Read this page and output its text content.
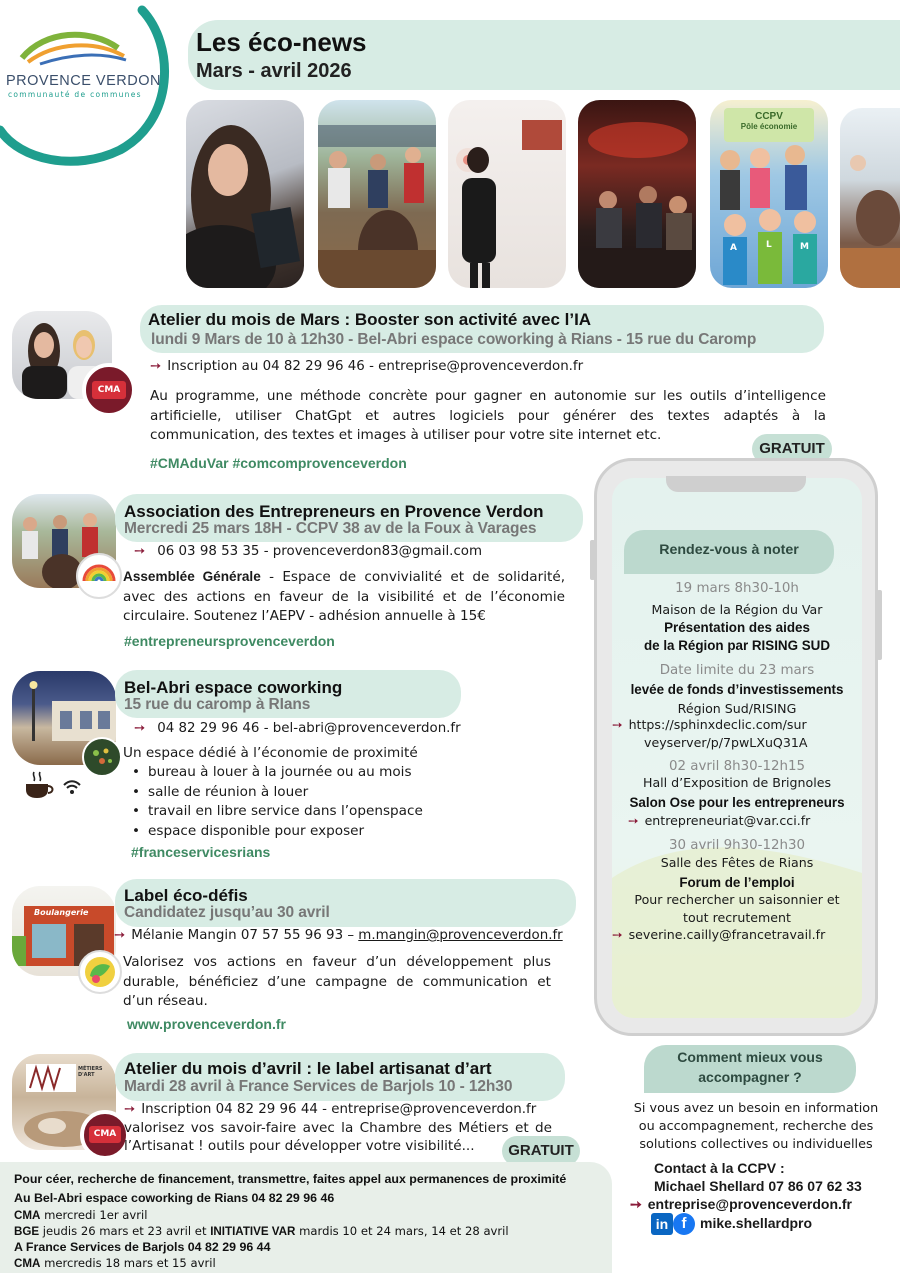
PROVENCE VERDON
communauté de communes
Les éco-news
Mars - avril 2026
CCPV
Pôle économie
A	L	M
CMA
Atelier du mois de Mars : Booster son activité avec l’IA
lundi 9 Mars de 10 à 12h30 - Bel-Abri espace coworking à Rians - 15 rue du Caromp
➙ Inscription au 04 82 29 96 46 - entreprise@provenceverdon.fr
Au programme, une méthode concrète pour gagner en autonomie sur les outils d’intelligence artificielle, utiliser ChatGpt et autres logiciels pour générer des textes adaptés à la communication, des textes et images à utiliser pour votre site internet etc.
#CMAduVar #comcomprovenceverdon
GRATUIT
Association des Entrepreneurs en Provence Verdon
Mercredi 25 mars 18H - CCPV 38 av de la Foux à Varages
➙ 06 03 98 53 35 - provenceverdon83@gmail.com
Assemblée Générale - Espace de convivialité et de solidarité, avec des actions en faveur de la visibilité et de l’économie circulaire. Soutenez l’AEPV - adhésion annuelle à 15€
#entrepreneursprovenceverdon
Bel-Abri espace coworking
15 rue du caromp à RIans
➙ 04 82 29 96 46 - bel-abri@provenceverdon.fr
Un espace dédié à l’économie de proximité
• bureau à louer à la journée ou au mois
• salle de réunion à louer
• travail en libre service dans l’openspace
• espace disponible pour exposer
#franceservicesrians
Boulangerie
Label éco-défis
Candidatez jusqu’au 30 avril
➙ Mélanie Mangin 07 57 55 96 93 – m.mangin@provenceverdon.fr
Valorisez vos actions en faveur d’un développement plus durable, bénéficiez d’une campagne de communication et d’un réseau.
www.provenceverdon.fr
MÉTIERS D'ART
CMA
Atelier du mois d’avril : le label artisanat d’art
Mardi 28 avril à France Services de Barjols 10 - 12h30
➙ Inscription 04 82 29 96 44 - entreprise@provenceverdon.fr
valorisez vos savoir-faire avec la Chambre des Métiers et de l’Artisanat ! outils pour développer votre visibilité...	GRATUIT
Rendez-vous à noter
19 mars 8h30-10h
Maison de la Région du Var
Présentation des aides
de la Région par RISING SUD
Date limite du 23 mars
levée de fonds d’investissements
Région Sud/RISING
➙ https://sphinxdeclic.com/sur
veyserver/p/7pwLXuQ31A
02 avril 8h30-12h15
Hall d’Exposition de Brignoles
Salon Ose pour les entrepreneurs
➙ entrepreneuriat@var.cci.fr
30 avril 9h30-12h30
Salle des Fêtes de Rians
Forum de l’emploi
Pour rechercher un saisonnier et
tout recrutement
➙ severine.cailly@francetravail.fr
Comment mieux vous
accompagner ?
Si vous avez un besoin en information
ou accompagnement, recherche des
solutions collectives ou individuelles
Contact à la CCPV :
Michael Shellard 07 86 07 62 33
➙ entreprise@provenceverdon.fr
in f mike.shellardpro
Pour céer, recherche de financement, transmettre, faites appel aux permanences de proximité
Au Bel-Abri espace coworking de Rians 04 82 29 96 46
CMA mercredi 1er avril
BGE jeudis 26 mars et 23 avril et INITIATIVE VAR mardis 10 et 24 mars, 14 et 28 avril
A France Services de Barjols 04 82 29 96 44
CMA mercredis 18 mars et 15 avril
